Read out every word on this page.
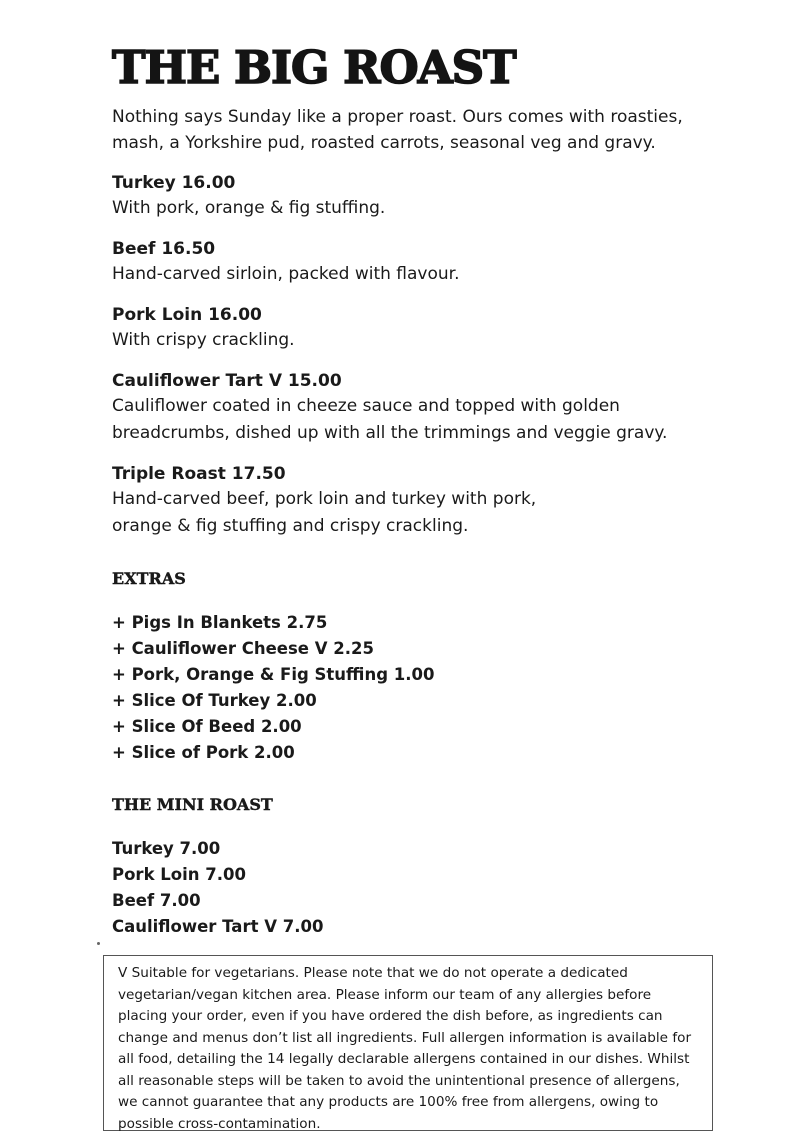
THE BIG ROAST

Nothing says Sunday like a proper roast. Ours comes with roasties, mash, a Yorkshire pud, roasted carrots, seasonal veg and gravy.

Turkey 16.00

With pork, orange & fig stuffing.

Beef 16.50

Hand-carved sirloin, packed with flavour.

Pork Loin 16.00

With crispy crackling.

Cauliflower Tart V 15.00

Cauliflower coated in cheeze sauce and topped with golden breadcrumbs, dished up with all the trimmings and veggie gravy.

Triple Roast 17.50

Hand-carved beef, pork loin and turkey with pork, orange & fig stuffing and crispy crackling.

EXTRAS
+ Pigs In Blankets 2.75
+ Cauliflower Cheese V 2.25
+ Pork, Orange & Fig Stuffing 1.00
+ Slice Of Turkey 2.00
+ Slice Of Beed 2.00
+ Slice of Pork 2.00
THE MINI ROAST
Turkey 7.00
Pork Loin 7.00
Beef 7.00
Cauliflower Tart V 7.00
V Suitable for vegetarians. Please note that we do not operate a dedicated vegetarian/vegan kitchen area. Please inform our team of any allergies before placing your order, even if you have ordered the dish before, as ingredients can change and menus don’t list all ingredients. Full allergen information is available for all food, detailing the 14 legally declarable allergens contained in our dishes. Whilst all reasonable steps will be taken to avoid the unintentional presence of allergens, we cannot guarantee that any products are 100% free from allergens, owing to possible cross-contamination.
